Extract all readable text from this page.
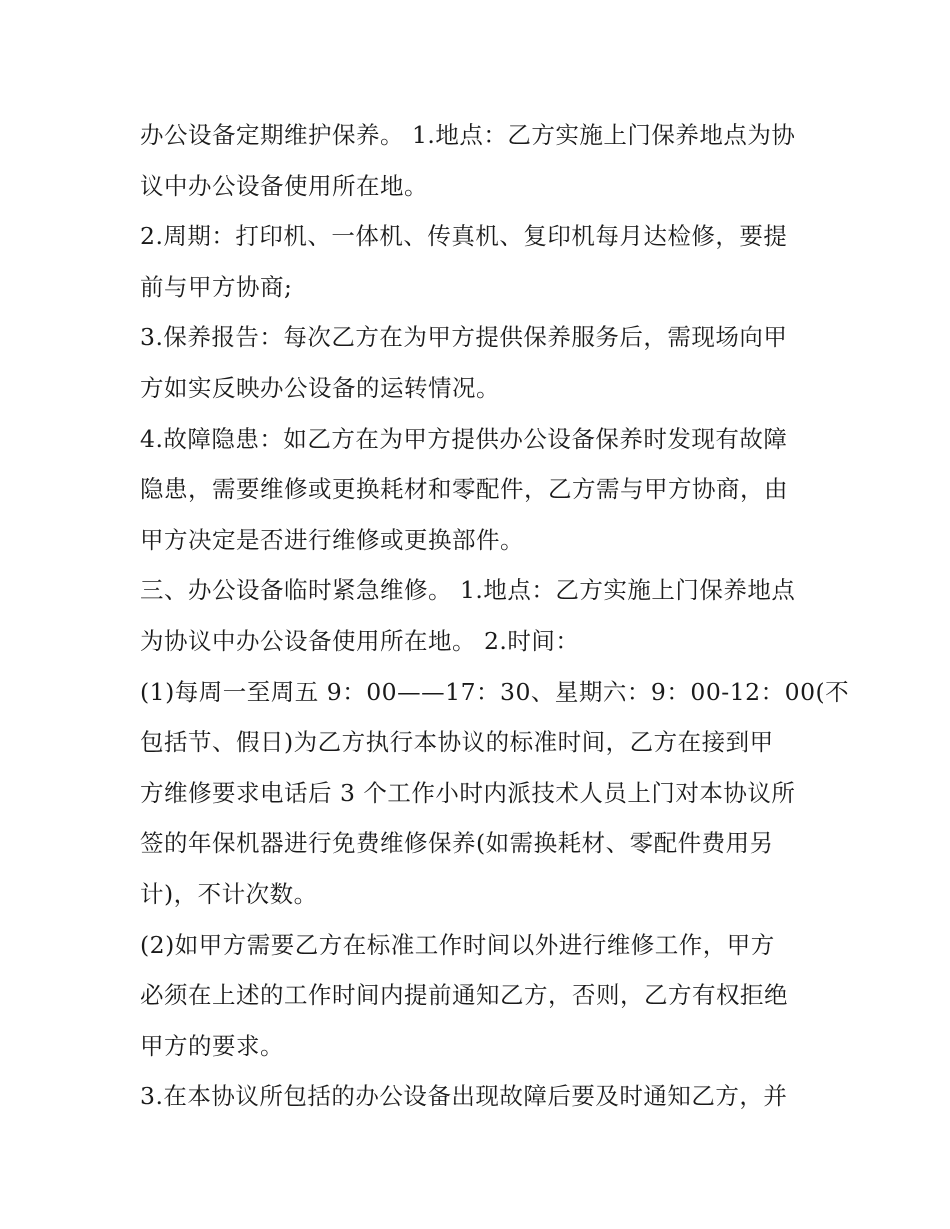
办公设备定期维护保养。 1.地点：乙方实施上门保养地点为协
议中办公设备使用所在地。
2.周期：打印机、一体机、传真机、复印机每月达检修，要提
前与甲方协商;
3.保养报告：每次乙方在为甲方提供保养服务后，需现场向甲
方如实反映办公设备的运转情况。
4.故障隐患：如乙方在为甲方提供办公设备保养时发现有故障
隐患，需要维修或更换耗材和零配件，乙方需与甲方协商，由
甲方决定是否进行维修或更换部件。
三、办公设备临时紧急维修。 1.地点：乙方实施上门保养地点
为协议中办公设备使用所在地。 2.时间：
(1)每周一至周五 9：00——17：30、星期六：9：00-12：00(不
包括节、假日)为乙方执行本协议的标准时间，乙方在接到甲
方维修要求电话后 3 个工作小时内派技术人员上门对本协议所
签的年保机器进行免费维修保养(如需换耗材、零配件费用另
计)，不计次数。
(2)如甲方需要乙方在标准工作时间以外进行维修工作，甲方
必须在上述的工作时间内提前通知乙方，否则，乙方有权拒绝
甲方的要求。
3.在本协议所包括的办公设备出现故障后要及时通知乙方，并
